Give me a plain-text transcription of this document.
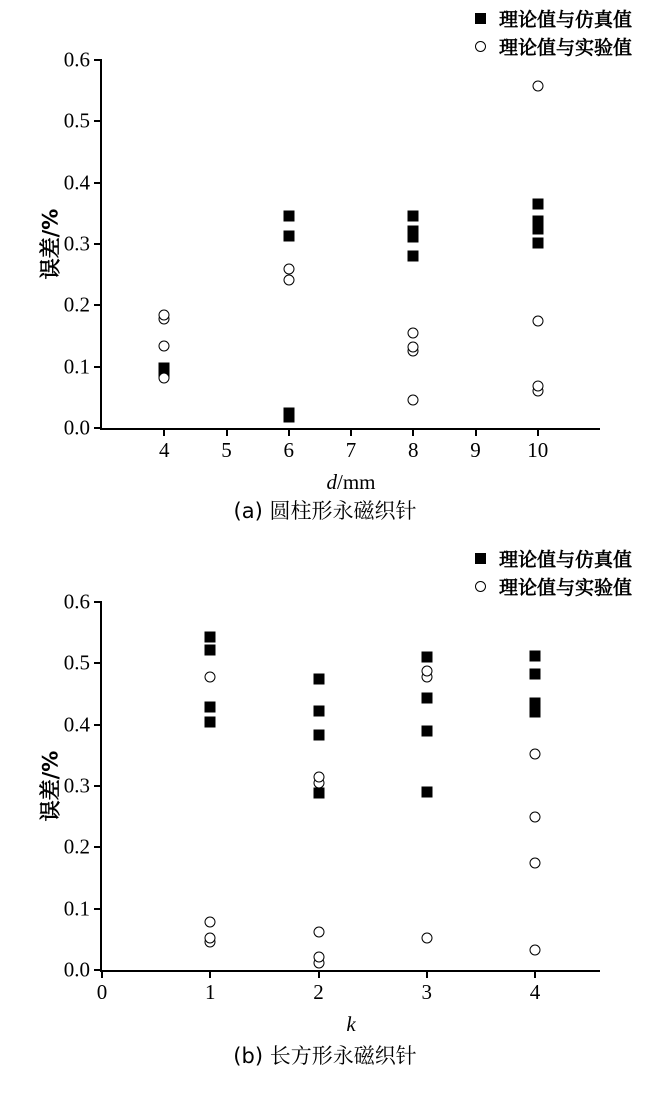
理论值与仿真值
理论值与实验值
误差/%
d/mm
4 5 6 7 8 9 10
0.0
0.1
0.2
0.3
0.4
0.5
0.6
(a) 圆柱形永磁织针
理论值与仿真值
理论值与实验值
误差/%
k
0	1	2	3	4
0.0
0.1
0.2
0.3
0.4
0.5
0.6
(b) 长方形永磁织针
